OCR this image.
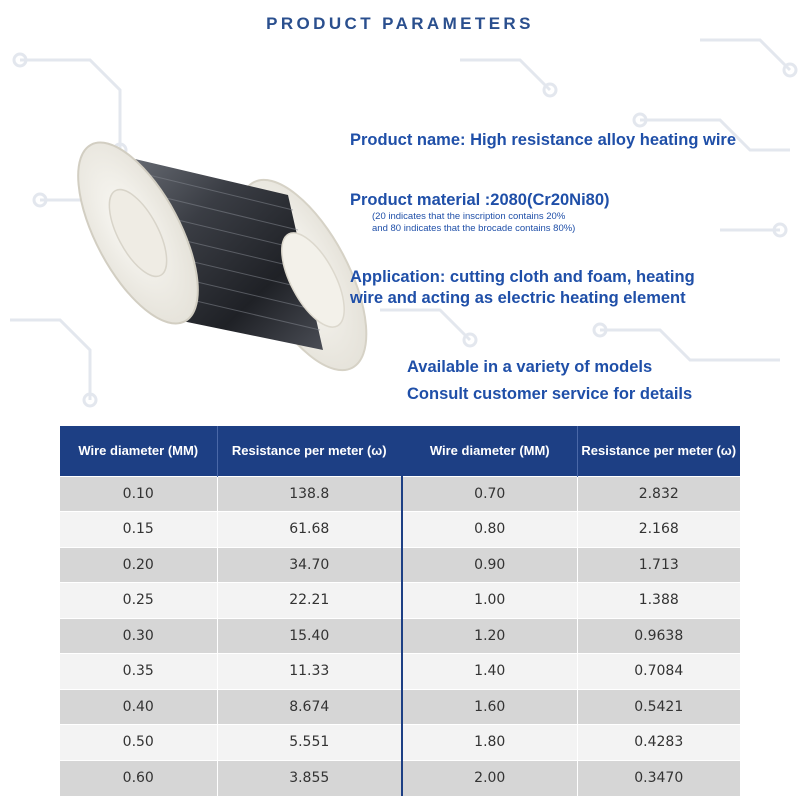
PRODUCT PARAMETERS
Product name: High resistance alloy heating wire
Product material :2080(Cr20Ni80)
(20 indicates that the inscription contains 20%
and 80 indicates that the brocade contains 80%)
Application: cutting cloth and foam, heating
wire and acting as electric heating element
Available in a variety of models
Consult customer service for details
Wire diameter (MM)	Resistance per meter (ω)	Wire diameter (MM)	Resistance per meter (ω)
0.10	138.8	0.70	2.832
0.15	61.68	0.80	2.168
0.20	34.70	0.90	1.713
0.25	22.21	1.00	1.388
0.30	15.40	1.20	0.9638
0.35	11.33	1.40	0.7084
0.40	8.674	1.60	0.5421
0.50	5.551	1.80	0.4283
0.60	3.855	2.00	0.3470
